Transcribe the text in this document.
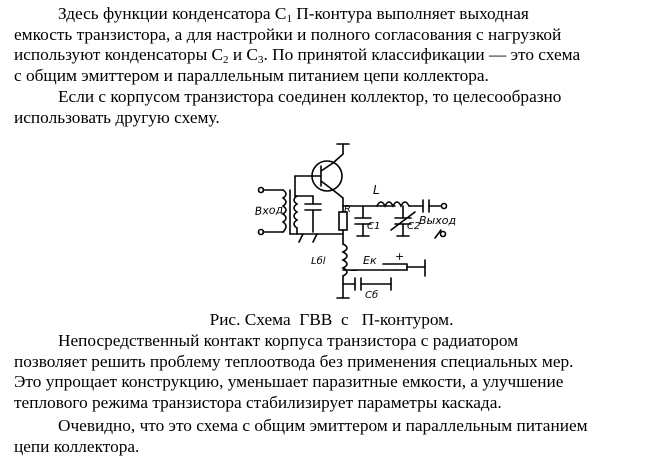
Здесь функции конденсатора $С_1$ П-контура выполняет выходная
емкость транзистора, а для настройки и полного согласования с нагрузкой
используют конденсаторы $С_2$ и $С_3$. По принятой классификации — это схема
с общим эмиттером и параллельным питанием цепи коллектора.
Если с корпусом транзистора соединен коллектор, то целесообразно
использовать другую схему.
Вход
Выход
L
R
C1	C2
Lбl
−
Eк +
Cб
Рис. Схема  ГВВ  с   П-контуром.
Непосредственный контакт корпуса транзистора с радиатором
позволяет решить проблему теплоотвода без применения специальных мер.
Это упрощает конструкцию, уменьшает паразитные емкости, а улучшение
теплового режима транзистора стабилизирует параметры каскада.
Очевидно, что это схема с общим эмиттером и параллельным питанием
цепи коллектора.
